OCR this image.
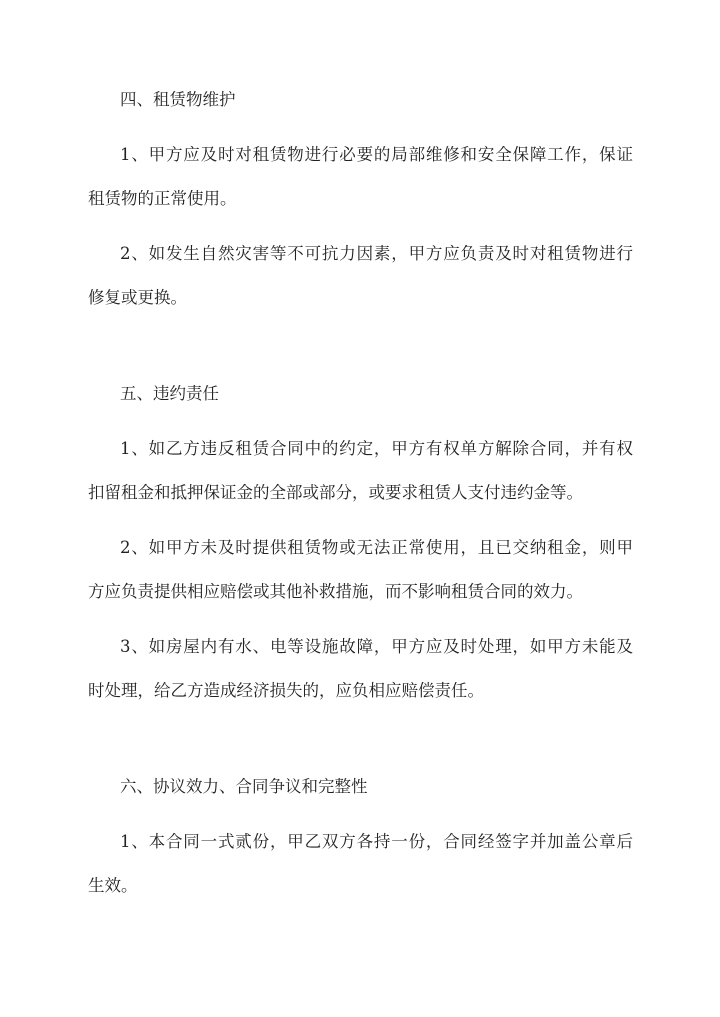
四、租赁物维护
1、甲方应及时对租赁物进行必要的局部维修和安全保障工作，保证
租赁物的正常使用。
2、如发生自然灾害等不可抗力因素，甲方应负责及时对租赁物进行
修复或更换。
五、违约责任
1、如乙方违反租赁合同中的约定，甲方有权单方解除合同，并有权
扣留租金和抵押保证金的全部或部分，或要求租赁人支付违约金等。
2、如甲方未及时提供租赁物或无法正常使用，且已交纳租金，则甲
方应负责提供相应赔偿或其他补救措施，而不影响租赁合同的效力。
3、如房屋内有水、电等设施故障，甲方应及时处理，如甲方未能及
时处理，给乙方造成经济损失的，应负相应赔偿责任。
六、协议效力、合同争议和完整性
1、本合同一式贰份，甲乙双方各持一份，合同经签字并加盖公章后
生效。
